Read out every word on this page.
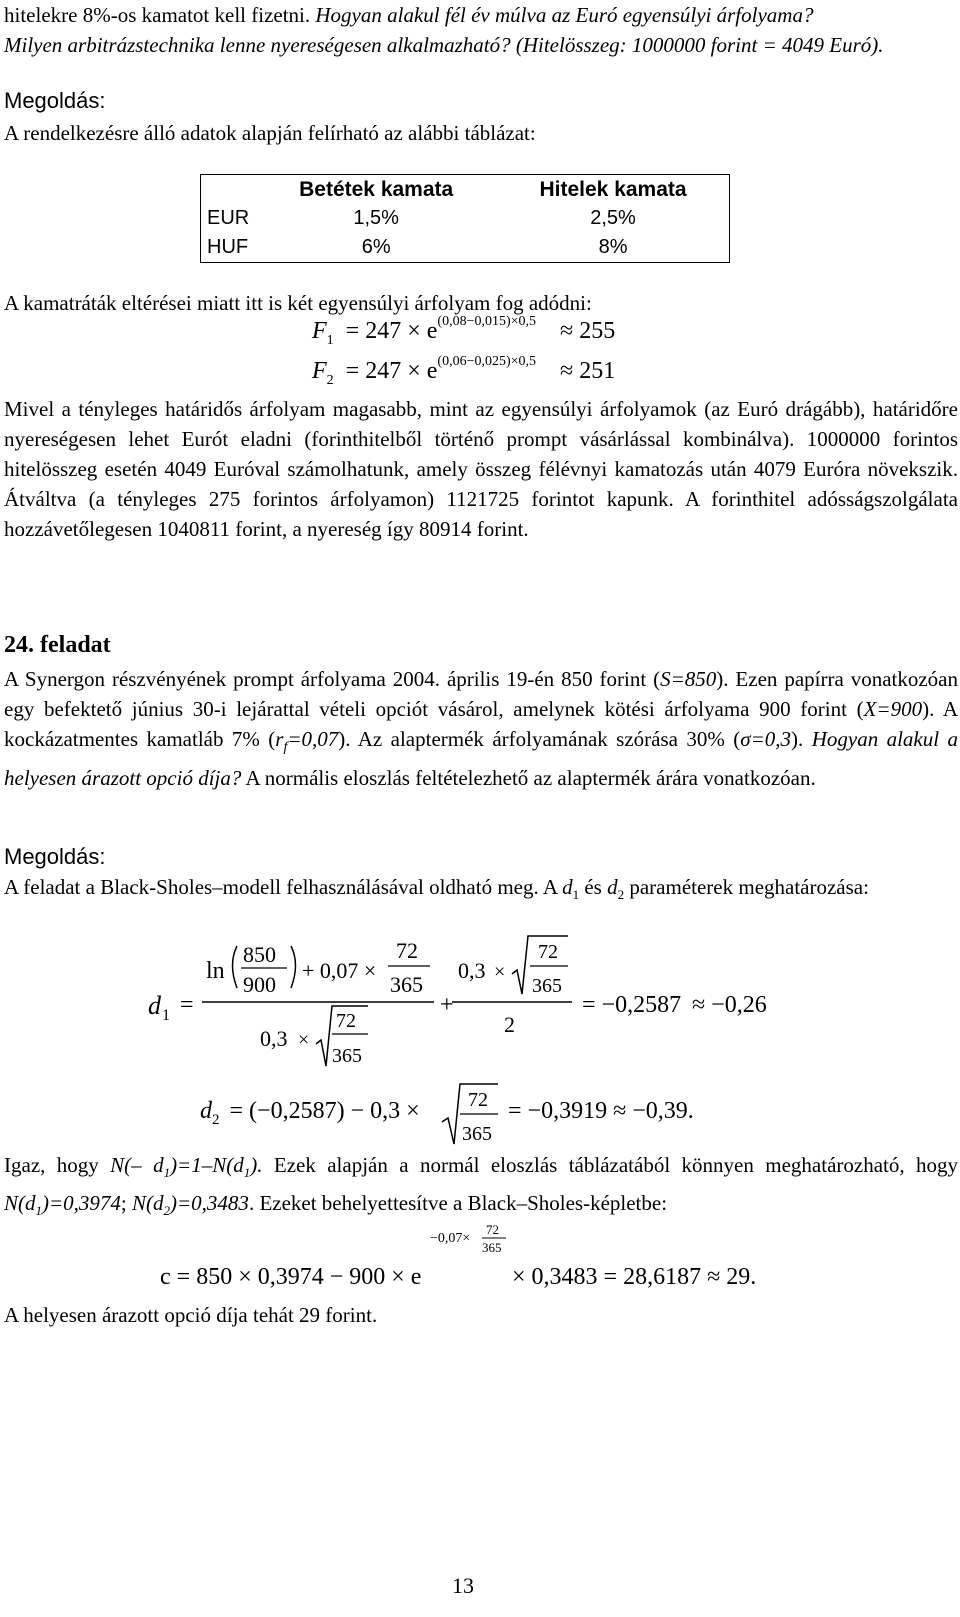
hitelekre 8%-os kamatot kell fizetni. Hogyan alakul fél év múlva az Euró egyensúlyi árfolyama?
Milyen arbitrázstechnika lenne nyereségesen alkalmazható? (Hitelösszeg: 1000000 forint = 4049 Euró).
Megoldás:
A rendelkezésre álló adatok alapján felírható az alábbi táblázat:
	Betétek kamata	Hitelek kamata
EUR	1,5%	2,5%
HUF	6%	8%
A kamatráták eltérései miatt itt is két egyensúlyi árfolyam fog adódni:
$F_1 = 247 \times e^{(0,08-0,015)\times 0,5} \approx 255$
$F_2 = 247 \times e^{(0,06-0,025)\times 0,5} \approx 251$
Mivel a tényleges határidős árfolyam magasabb, mint az egyensúlyi árfolyamok (az Euró drágább), határidőre nyereségesen lehet Eurót eladni (forinthitelből történő prompt vásárlással kombinálva). 1000000 forintos hitelösszeg esetén 4049 Euróval számolhatunk, amely összeg félévnyi kamatozás után 4079 Euróra növekszik. Átváltva (a tényleges 275 forintos árfolyamon) 1121725 forintot kapunk. A forinthitel adósságszolgálata hozzávetőlegesen 1040811 forint, a nyereség így 80914 forint.
24. feladat
A Synergon részvényének prompt árfolyama 2004. április 19-én 850 forint (S=850). Ezen papírra vonatkozóan egy befektető június 30-i lejárattal vételi opciót vásárol, amelynek kötési árfolyama 900 forint (X=900). A kockázatmentes kamatláb 7% $(r_f=0,07)$. Az alaptermék árfolyamának szórása 30% (σ=0,3). Hogyan alakul a helyesen árazott opció díja? A normális eloszlás feltételezhető az alaptermék árára vonatkozóan.
Megoldás:
A feladat a Black-Sholes–modell felhasználásával oldható meg. A $d_1$ és $d_2$ paraméterek meghatározása:
d 1 =
ln
850
900
+ 0,07 ×
72
365
0,3 ×
72
365
+
0,3 ×
72
365
2
= −0,2587 ≈ −0,26
$d_2 = (-0,2587) - 0,3 \times 72$
365
= −0,3919 ≈ −0,39.
Igaz, hogy N(– $d_1)=1-N(d_1)$. Ezek alapján a normál eloszlás táblázatából könnyen meghatározható, hogy $N(d_1)=0,3974$; $N(d_2)=0,3483$. Ezeket behelyettesítve a Black–Sholes-képletbe:
c = 850 × 0,3974 − 900 × e
−0,07×
72
365
× 0,3483 = 28,6187 ≈ 29.
A helyesen árazott opció díja tehát 29 forint.
13
